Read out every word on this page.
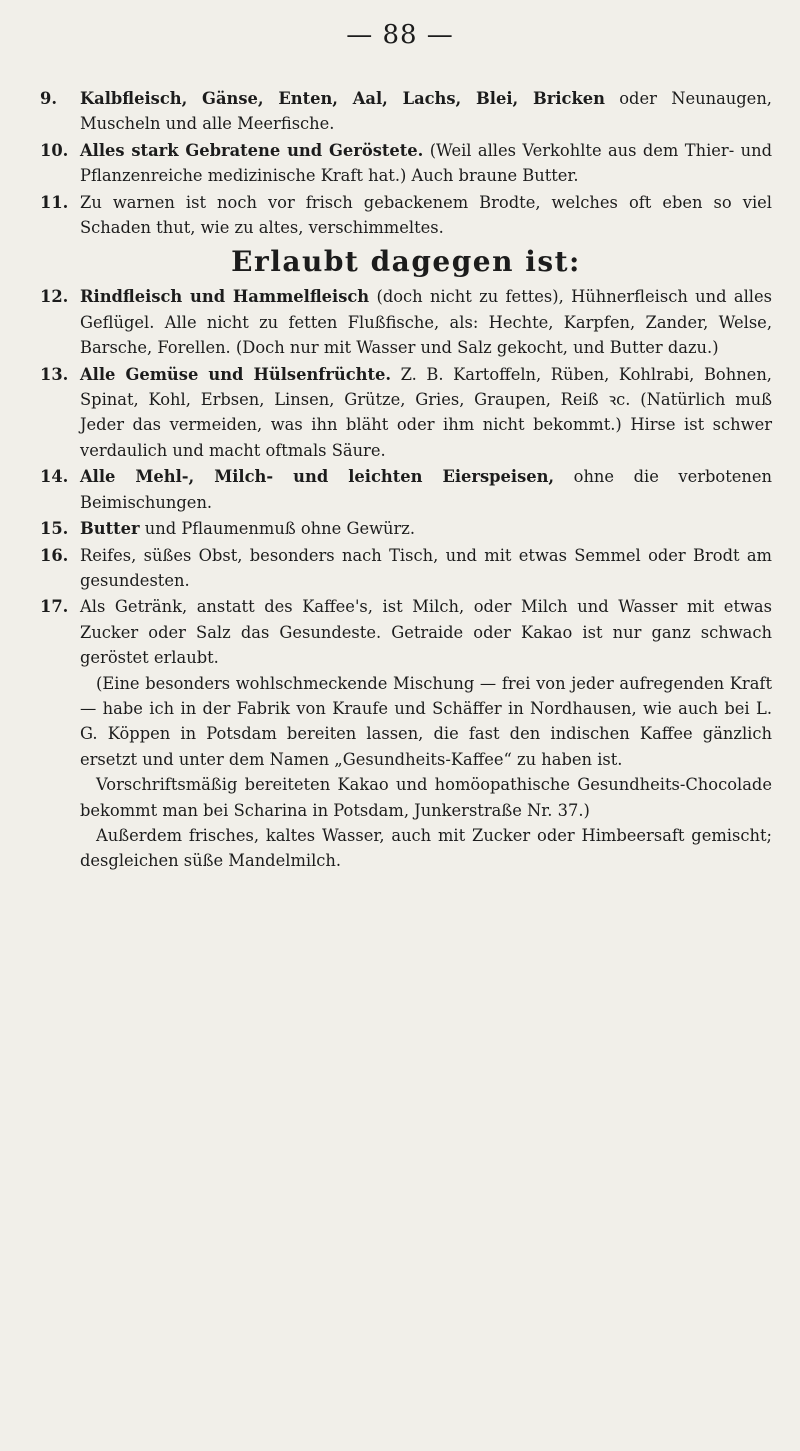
— 88 —
9.	Kalbfleisch, Gänse, Enten, Aal, Lachs, Blei, Bricken oder Neunaugen, Muscheln und alle Meerfische.

10. Alles stark Gebratene und Geröstete. (Weil alles Verkohlte aus dem Thier- und Pflanzenreiche medizinische Kraft hat.) Auch braune Butter.

11. Zu warnen ist noch vor frisch gebackenem Brodte, welches oft eben so viel Schaden thut, wie zu altes, verschimmeltes.

Erlaubt dagegen ist:
12. Rindfleisch und Hammelfleisch (doch nicht zu fettes), Hühnerfleisch und alles Geflügel. Alle nicht zu fetten Flußfische, als: Hechte, Karpfen, Zander, Welse, Barsche, Forellen. (Doch nur mit Wasser und Salz gekocht, und Butter dazu.)

13. Alle Gemüse und Hülsenfrüchte. Z. B. Kartoffeln, Rüben, Kohlrabi, Bohnen, Spinat, Kohl, Erbsen, Linsen, Grütze, Gries, Graupen, Reiß ꝛc. (Natürlich muß Jeder das vermeiden, was ihn bläht oder ihm nicht bekommt.) Hirse ist schwer verdaulich und macht oftmals Säure.

14. Alle Mehl-, Milch- und leichten Eierspeisen, ohne die verbotenen Beimischungen.

15. Butter und Pflaumenmuß ohne Gewürz.

16. Reifes, süßes Obst, besonders nach Tisch, und mit etwas Semmel oder Brodt am gesundesten.

17. Als Getränk, anstatt des Kaffee's, ist Milch, oder Milch und Wasser mit etwas Zucker oder Salz das Gesundeste. Getraide oder Kakao ist nur ganz schwach geröstet erlaubt.

(Eine besonders wohlschmeckende Mischung — frei von jeder aufregenden Kraft — habe ich in der Fabrik von Kraufe und Schäffer in Nordhausen, wie auch bei L. G. Köppen in Potsdam bereiten lassen, die fast den indischen Kaffee gänzlich ersetzt und unter dem Namen „Gesundheits-Kaffee“ zu haben ist.

Vorschriftsmäßig bereiteten Kakao und homöopathische Gesundheits-Chocolade bekommt man bei Scharina in Potsdam, Junkerstraße Nr. 37.)

Außerdem frisches, kaltes Wasser, auch mit Zucker oder Himbeersaft gemischt; desgleichen süße Mandelmilch.
